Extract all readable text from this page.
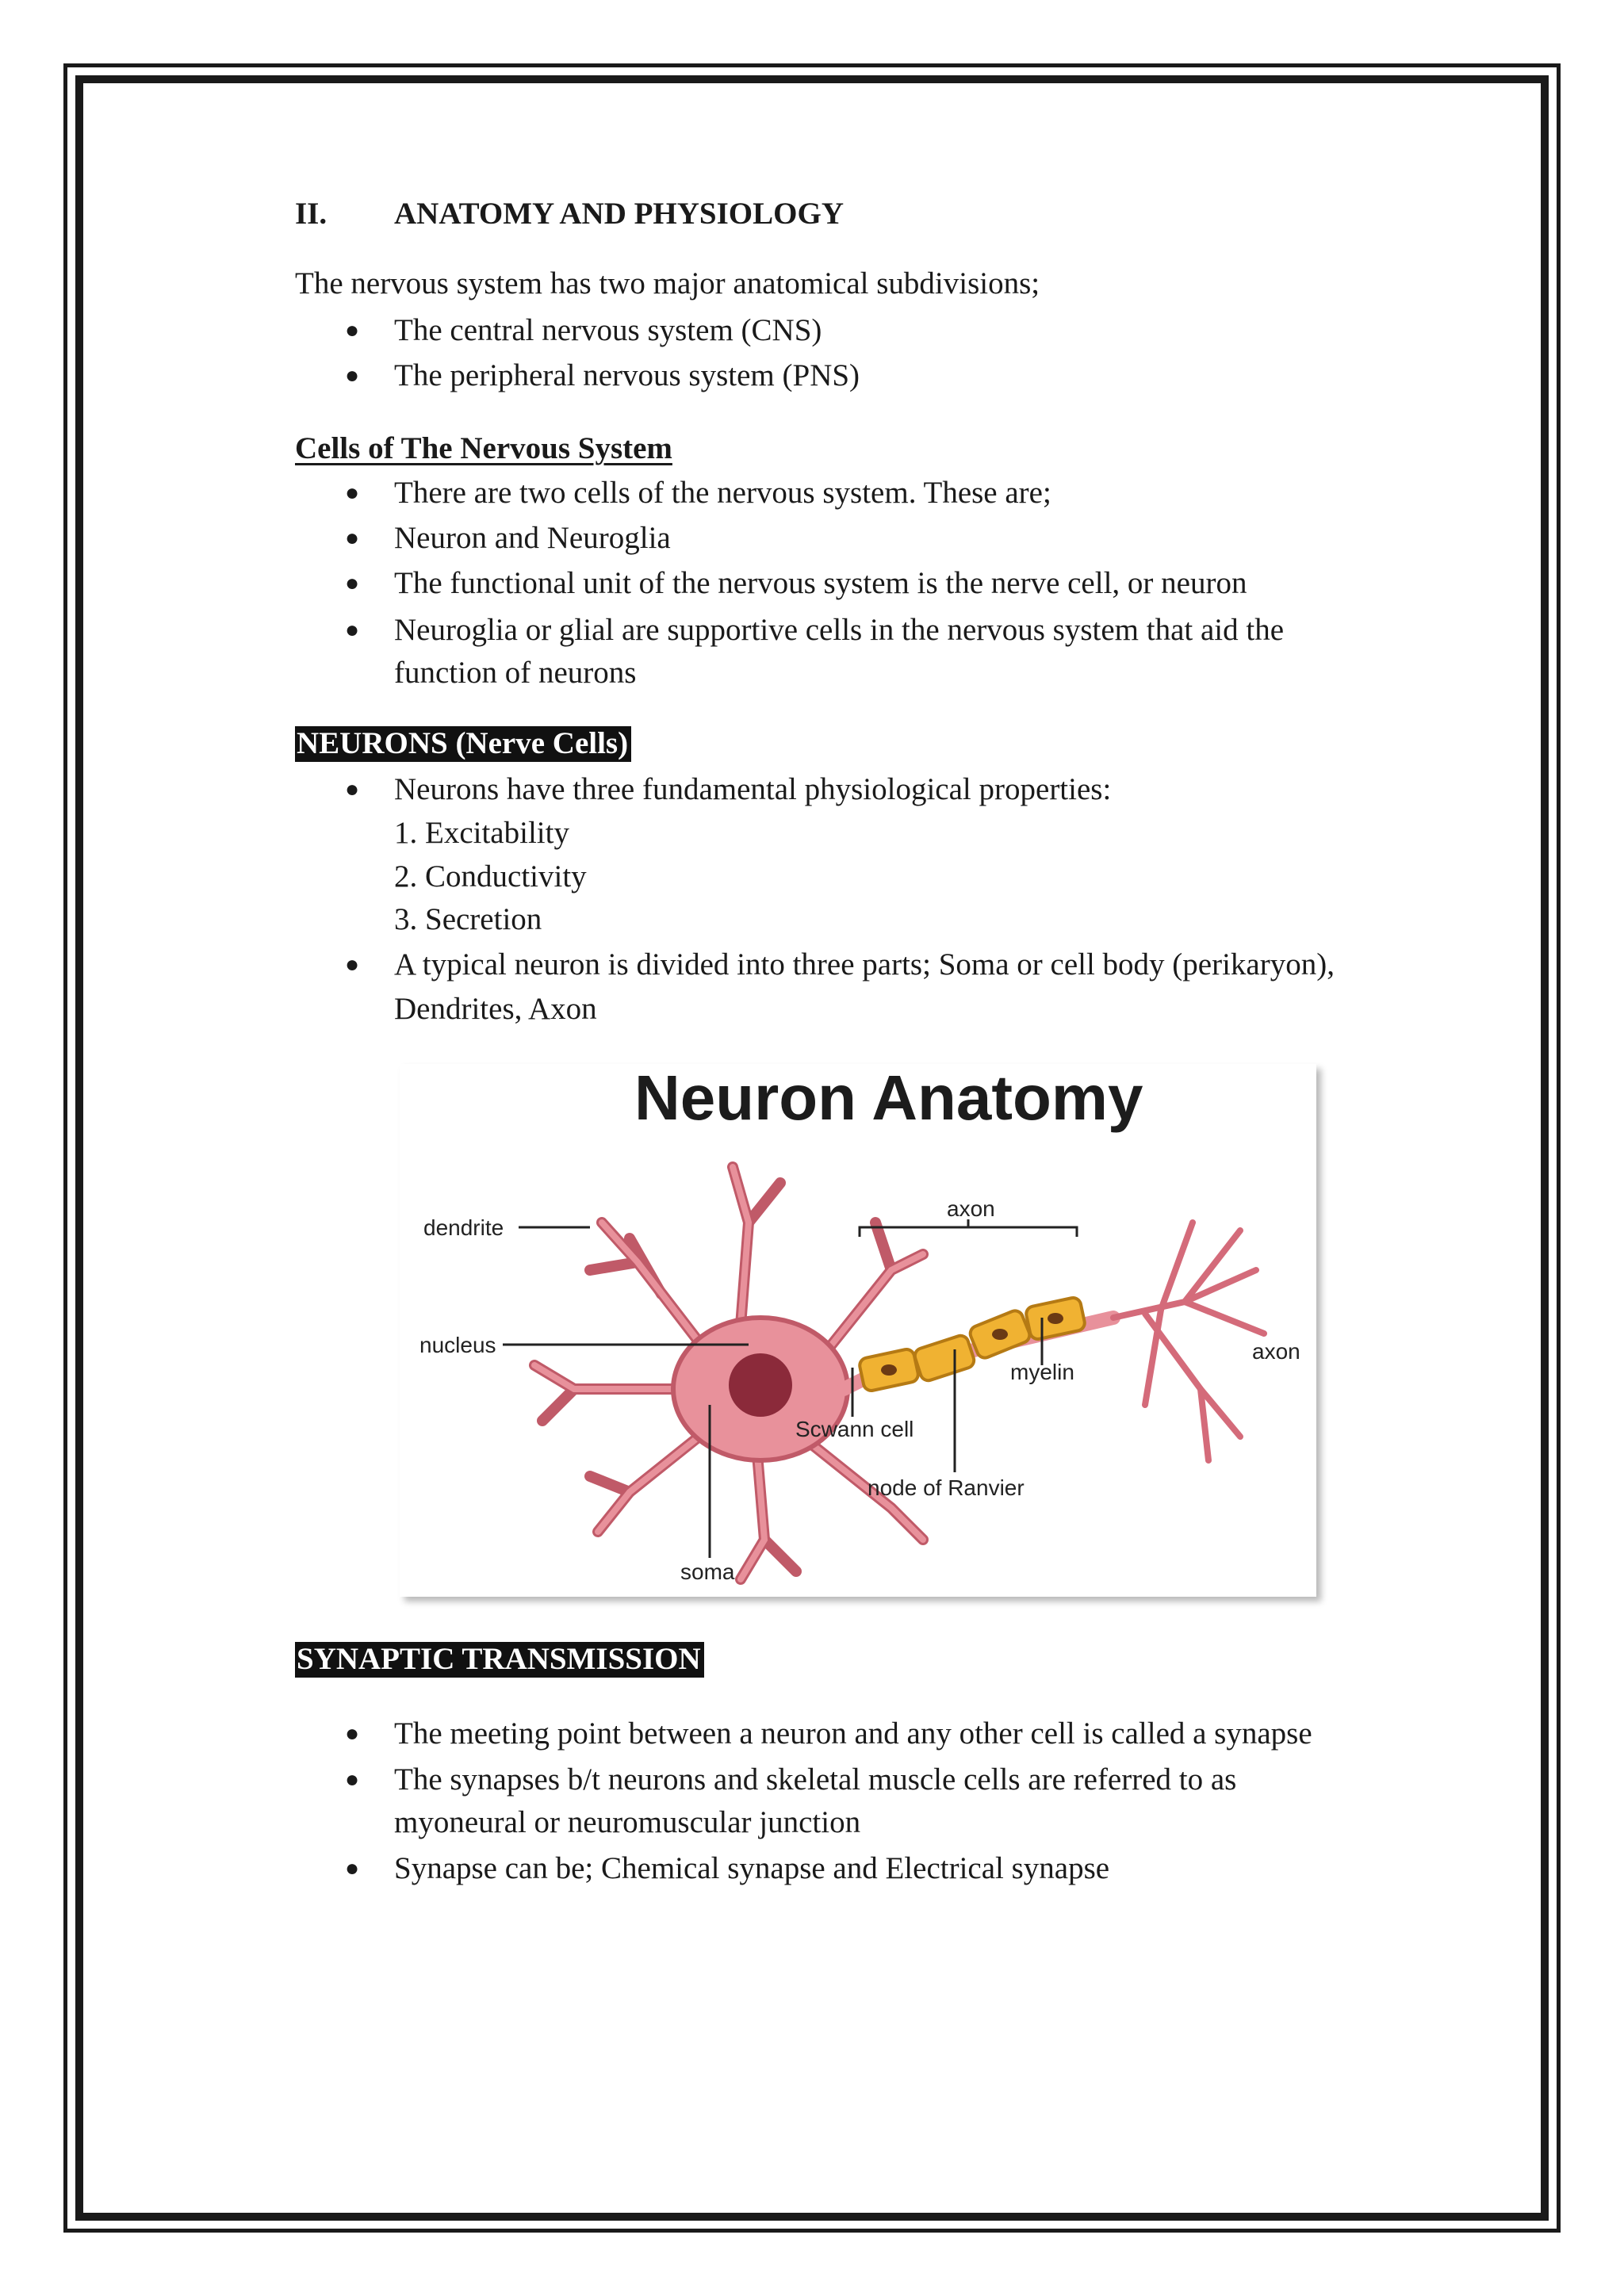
II. ANATOMY AND PHYSIOLOGY
The nervous system has two major anatomical subdivisions;
● The central nervous system (CNS)
● The peripheral nervous system (PNS)
Cells of The Nervous System
● There are two cells of the nervous system. These are;
● Neuron and Neuroglia
● The functional unit of the nervous system is the nerve cell, or neuron
● Neuroglia or glial are supportive cells in the nervous system that aid the
function of neurons
NEURONS (Nerve Cells)
● Neurons have three fundamental physiological properties:
1. Excitability
2. Conductivity
3. Secretion
● A typical neuron is divided into three parts; Soma or cell body (perikaryon),
Dendrites, Axon
SYNAPTIC TRANSMISSION
● The meeting point between a neuron and any other cell is called a synapse
● The synapses b/t neurons and skeletal muscle cells are referred to as
myoneural or neuromuscular junction
● Synapse can be; Chemical synapse and Electrical synapse
Neuron Anatomy
dendrite
nucleus
axon
axon
myelin
Scwann cell
node of Ranvier
soma
